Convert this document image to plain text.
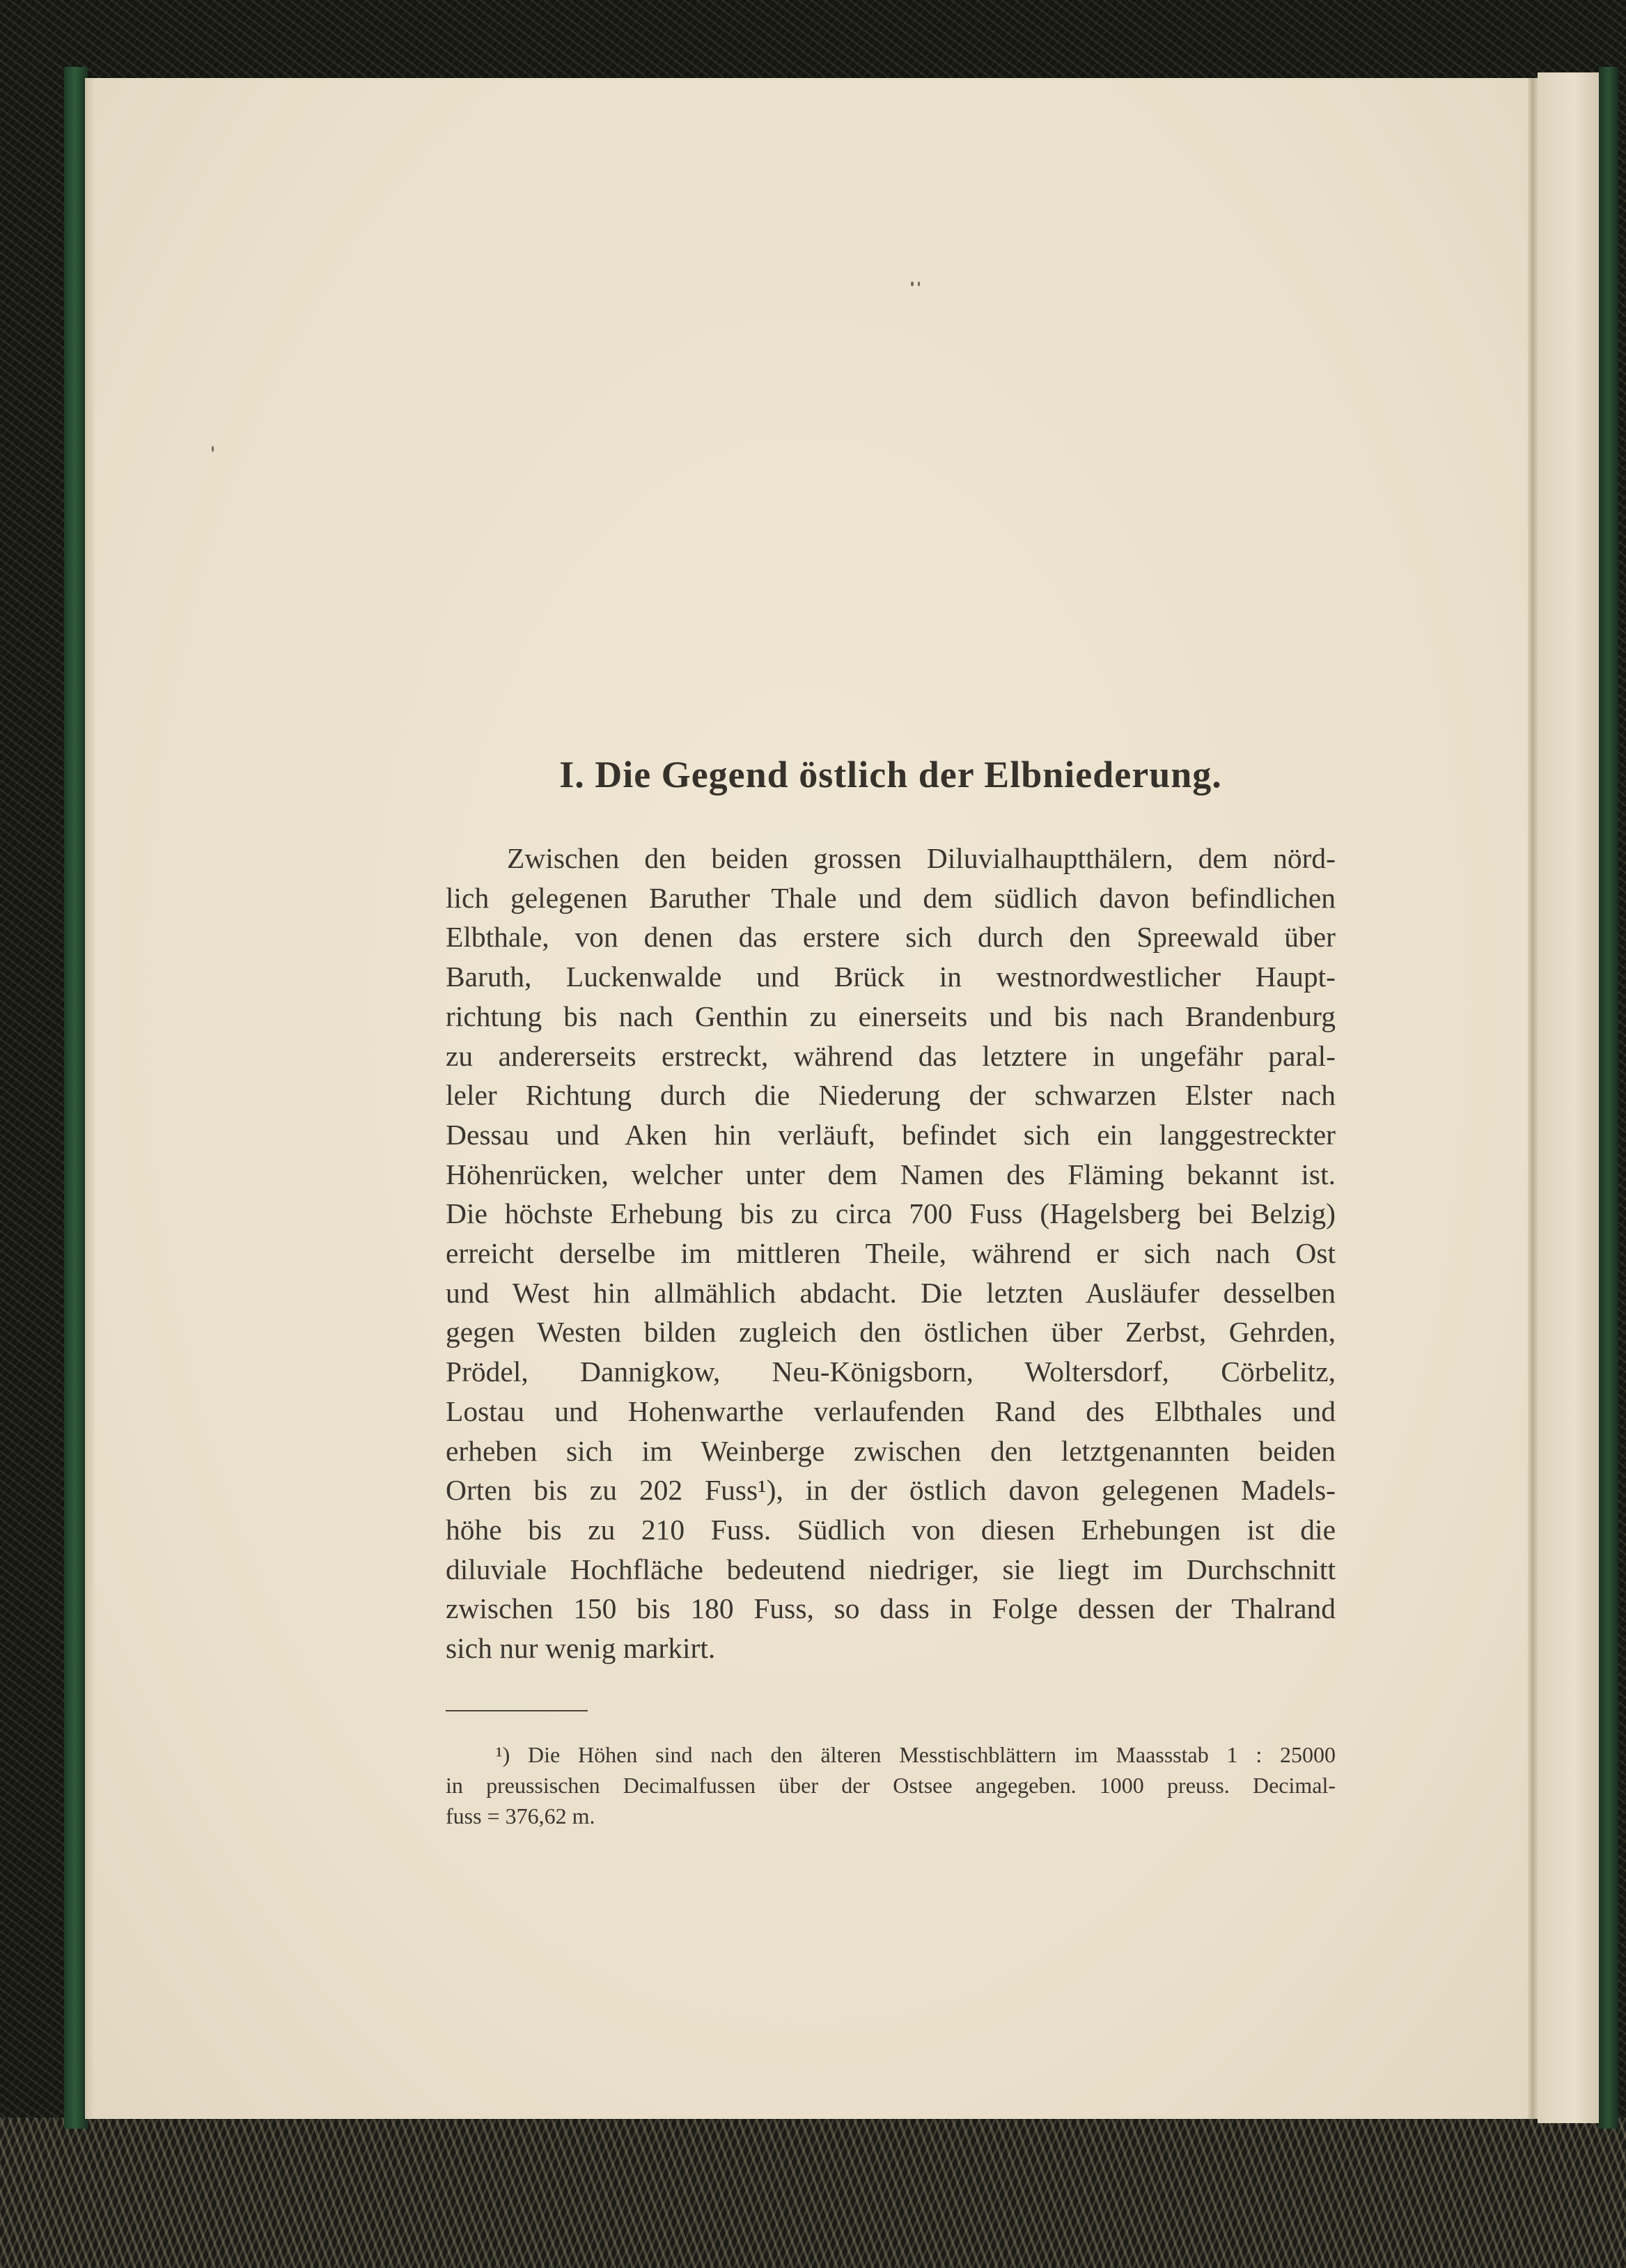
I. Die Gegend östlich der Elbniederung.
Zwischen den beiden grossen Diluvialhauptthälern, dem nörd-
lich gelegenen Baruther Thale und dem südlich davon befindlichen
Elbthale, von denen das erstere sich durch den Spreewald über
Baruth, Luckenwalde und Brück in westnordwestlicher Haupt-
richtung bis nach Genthin zu einerseits und bis nach Brandenburg
zu andererseits erstreckt, während das letztere in ungefähr paral-
leler Richtung durch die Niederung der schwarzen Elster nach
Dessau und Aken hin verläuft, befindet sich ein langgestreckter
Höhenrücken, welcher unter dem Namen des Fläming bekannt ist.
Die höchste Erhebung bis zu circa 700 Fuss (Hagelsberg bei Belzig)
erreicht derselbe im mittleren Theile, während er sich nach Ost
und West hin allmählich abdacht. Die letzten Ausläufer desselben
gegen Westen bilden zugleich den östlichen über Zerbst, Gehrden,
Prödel, Dannigkow, Neu-Königsborn, Woltersdorf, Cörbelitz,
Lostau und Hohenwarthe verlaufenden Rand des Elbthales und
erheben sich im Weinberge zwischen den letztgenannten beiden
Orten bis zu 202 Fuss¹), in der östlich davon gelegenen Madels-
höhe bis zu 210 Fuss. Südlich von diesen Erhebungen ist die
diluviale Hochfläche bedeutend niedriger, sie liegt im Durchschnitt
zwischen 150 bis 180 Fuss, so dass in Folge dessen der Thalrand
sich nur wenig markirt.
¹) Die Höhen sind nach den älteren Messtischblättern im Maassstab 1 : 25000
in preussischen Decimalfussen über der Ostsee angegeben. 1000 preuss. Decimal-
fuss = 376,62 m.
